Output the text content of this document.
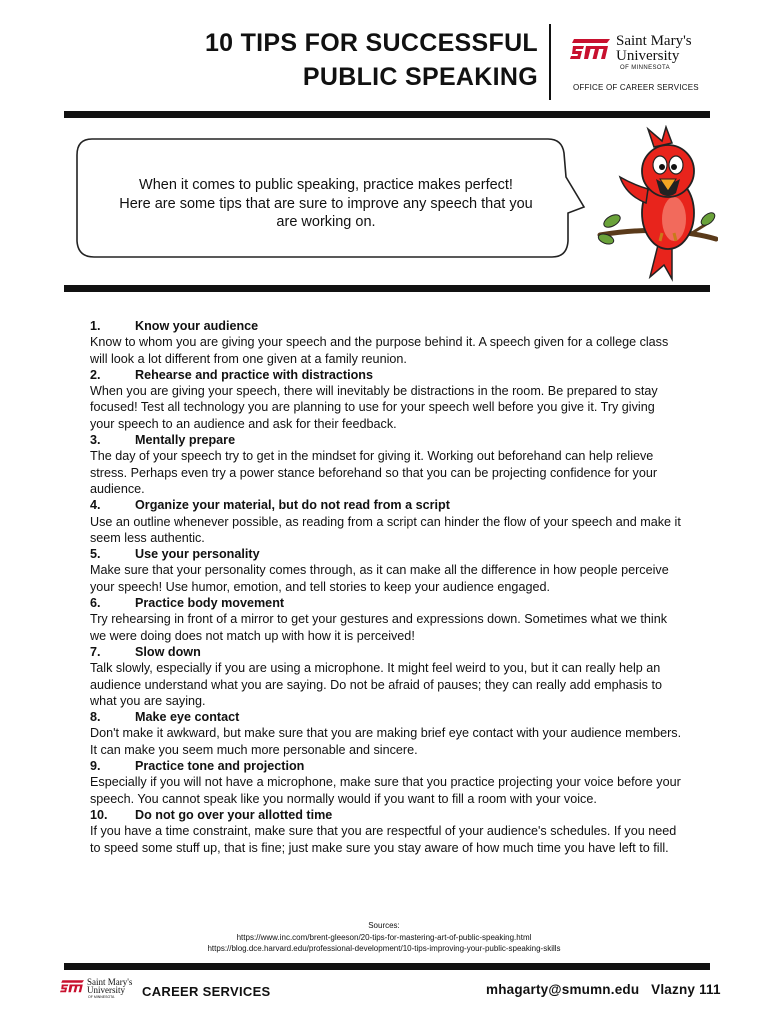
10 TIPS FOR SUCCESSFUL
PUBLIC SPEAKING
Saint Mary's
University
OF MINNESOTA
OFFICE OF CAREER SERVICES
When it comes to public speaking, practice makes perfect!
Here are some tips that are sure to improve any speech that you
are working on.
1.	Know your audience

Know to whom you are giving your speech and the purpose behind it. A speech given for a college class will look a lot different from one given at a family reunion.

2.	Rehearse and practice with distractions

When you are giving your speech, there will inevitably be distractions in the room. Be prepared to stay focused! Test all technology you are planning to use for your speech well before you give it. Try giving your speech to an audience and ask for their feedback.

3.	Mentally prepare

The day of your speech try to get in the mindset for giving it. Working out beforehand can help relieve stress. Perhaps even try a power stance beforehand so that you can be projecting confidence for your audience.

4.	Organize your material, but do not read from a script

Use an outline whenever possible, as reading from a script can hinder the flow of your speech and make it seem less authentic.

5.	Use your personality

Make sure that your personality comes through, as it can make all the difference in how people perceive your speech! Use humor, emotion, and tell stories to keep your audience engaged.

6.	Practice body movement

Try rehearsing in front of a mirror to get your gestures and expressions down. Sometimes what we think we were doing does not match up with how it is perceived!

7.	Slow down

Talk slowly, especially if you are using a microphone. It might feel weird to you, but it can really help an audience understand what you are saying. Do not be afraid of pauses; they can really add emphasis to what you are saying.

8.	Make eye contact

Don't make it awkward, but make sure that you are making brief eye contact with your audience members. It can make you seem much more personable and sincere.

9.	Practice tone and projection

Especially if you will not have a microphone, make sure that you practice projecting your voice before your speech. You cannot speak like you normally would if you want to fill a room with your voice.

10. Do not go over your allotted time

If you have a time constraint, make sure that you are respectful of your audience's schedules. If you need to speed some stuff up, that is fine; just make sure you stay aware of how much time you have left to fill.

Sources:
https://www.inc.com/brent-gleeson/20-tips-for-mastering-art-of-public-speaking.html
https://blog.dce.harvard.edu/professional-development/10-tips-improving-your-public-speaking-skills
Saint Mary's
University
OF MINNESOTA CAREER SERVICES	mhagarty@smumn.edu   Vlazny 111
